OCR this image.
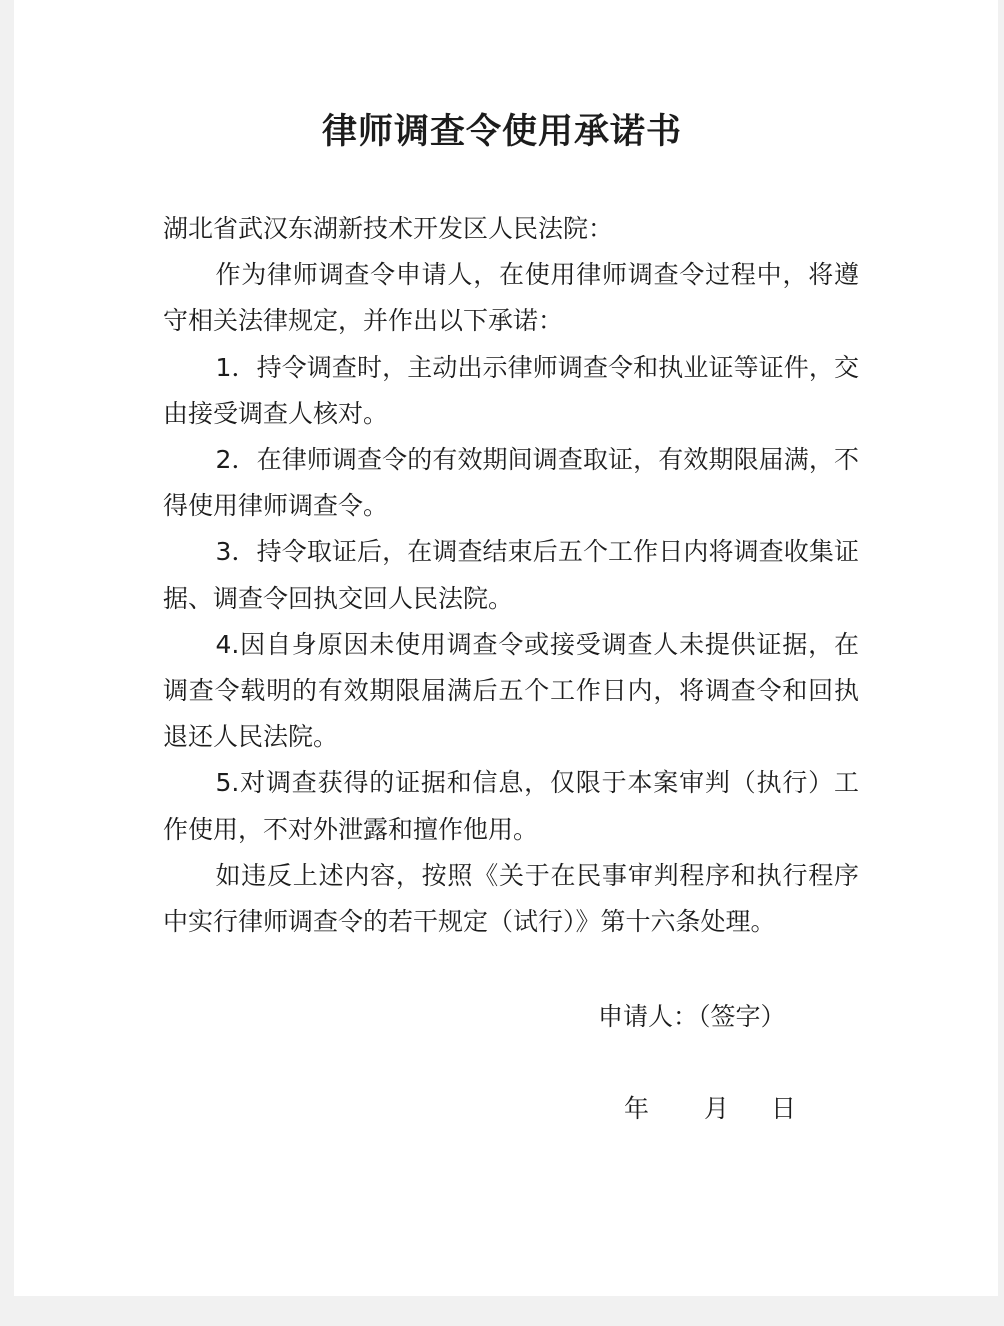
律师调查令使用承诺书

湖北省武汉东湖新技术开发区人民法院：

作为律师调查令申请人，在使用律师调查令过程中，将遵守相关法律规定，并作出以下承诺：

1．持令调查时，主动出示律师调查令和执业证等证件，交由接受调查人核对。

2．在律师调查令的有效期间调查取证，有效期限届满，不得使用律师调查令。

3．持令取证后，在调查结束后五个工作日内将调查收集证据、调查令回执交回人民法院。

4.因自身原因未使用调查令或接受调查人未提供证据，在调查令载明的有效期限届满后五个工作日内，将调查令和回执退还人民法院。

5.对调查获得的证据和信息，仅限于本案审判（执行）工作使用，不对外泄露和擅作他用。

如违反上述内容，按照《关于在民事审判程序和执行程序中实行律师调查令的若干规定（试行）》第十六条处理。

申请人：（签字）
年 月 日
